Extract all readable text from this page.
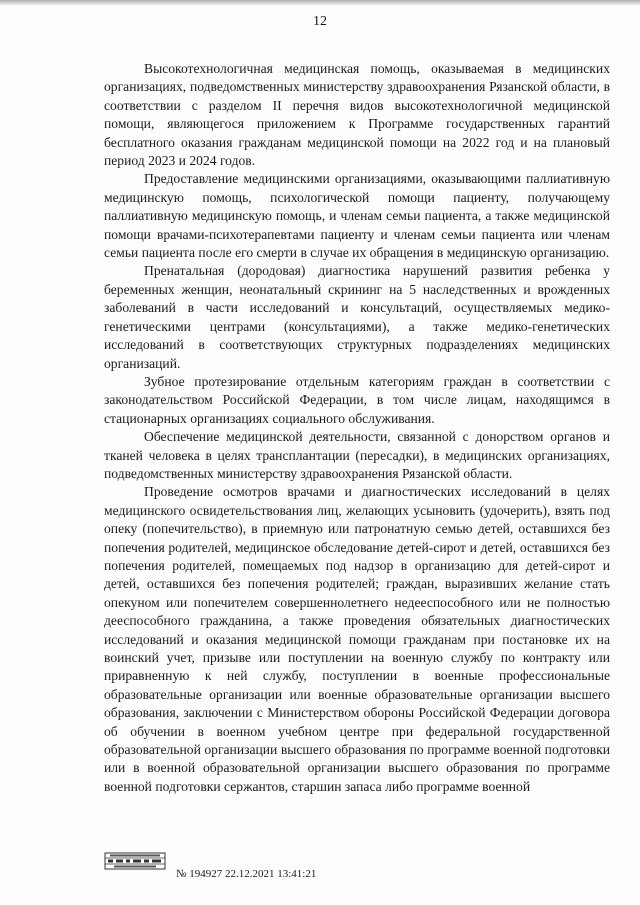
12

Высокотехнологичная медицинская помощь, оказываемая в медицинских организациях, подведомственных министерству здравоохранения Рязанской области, в соответствии с разделом II перечня видов высокотехнологичной медицинской помощи, являющегося приложением к Программе государственных гарантий бесплатного оказания гражданам медицинской помощи на 2022 год и на плановый период 2023 и 2024 годов.

Предоставление медицинскими организациями, оказывающими паллиативную медицинскую помощь, психологической помощи пациенту, получающему паллиативную медицинскую помощь, и членам семьи пациента, а также медицинской помощи врачами-психотерапевтами пациенту и членам семьи пациента или членам семьи пациента после его смерти в случае их обращения в медицинскую организацию.

Пренатальная (дородовая) диагностика нарушений развития ребенка у беременных женщин, неонатальный скрининг на 5 наследственных и врожденных заболеваний в части исследований и консультаций, осуществляемых медико-генетическими центрами (консультациями), а также медико-генетических исследований в соответствующих структурных подразделениях медицинских организаций.

Зубное протезирование отдельным категориям граждан в соответствии с законодательством Российской Федерации, в том числе лицам, находящимся в стационарных организациях социального обслуживания.

Обеспечение медицинской деятельности, связанной с донорством органов и тканей человека в целях трансплантации (пересадки), в медицинских организациях, подведомственных министерству здравоохранения Рязанской области.

Проведение осмотров врачами и диагностических исследований в целях медицинского освидетельствования лиц, желающих усыновить (удочерить), взять под опеку (попечительство), в приемную или патронатную семью детей, оставшихся без попечения родителей, медицинское обследование детей-сирот и детей, оставшихся без попечения родителей, помещаемых под надзор в организацию для детей-сирот и детей, оставшихся без попечения родителей; граждан, выразивших желание стать опекуном или попечителем совершеннолетнего недееспособного или не полностью дееспособного гражданина, а также проведения обязательных диагностических исследований и оказания медицинской помощи гражданам при постановке их на воинский учет, призыве или поступлении на военную службу по контракту или приравненную к ней службу, поступлении в военные профессиональные образовательные организации или военные образовательные организации высшего образования, заключении с Министерством обороны Российской Федерации договора об обучении в военном учебном центре при федеральной государственной образовательной организации высшего образования по программе военной подготовки или в военной образовательной организации высшего образования по программе военной подготовки сержантов, старшин запаса либо программе военной

№ 194927 22.12.2021 13:41:21
